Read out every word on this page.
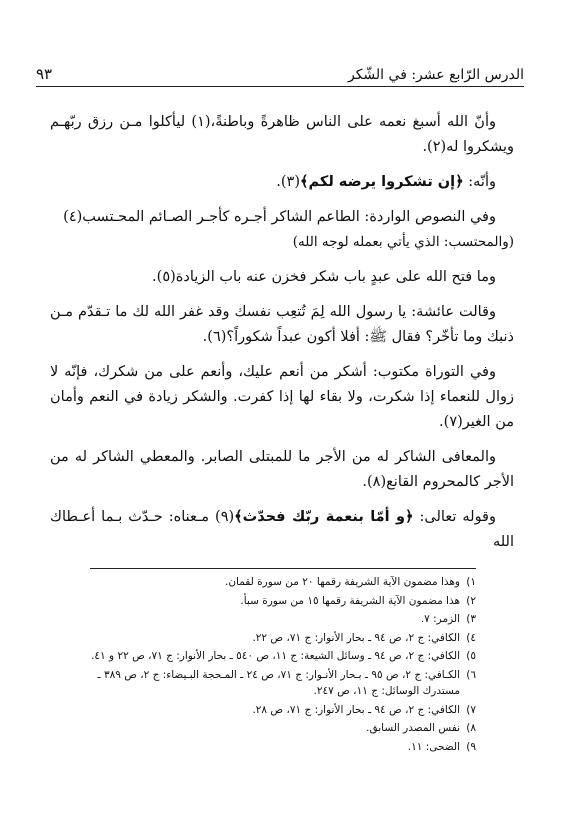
الدرس الرّابع عشر: في الشّكر
٩٣

وأنّ الله أسبغ نعمه على الناس ظاهرةً وباطنةً،(١) ليأكلوا مـن رزق ربّهـم ويشكروا له(٢).

وأنّه: ﴿إن تشكروا يرضه لكم﴾(٣).

وفي النصوص الواردة: الطاعم الشاكر أجـره كأجـر الصـائم المحـتسب(٤)

(والمحتسب: الذي يأتي بعمله لوجه الله)

وما فتح الله على عبدٍ باب شكر فخزن عنه باب الزيادة(٥).

وقالت عائشة: يا رسول الله لِمَ تُتعِب نفسك وقد غفر الله لك ما تـقدّم مـن ذنبك وما تأخّر؟ فقال ﷺ: أفلا أكون عبداً شكوراً؟(٦).

وفي التوراة مكتوب: أشكر من أنعم عليك، وأنعم على من شكرك، فإنّه لا زوال للنعماء إذا شكرت، ولا بقاء لها إذا كفرت. والشكر زيادة في النعم وأمان من الغير(٧).

والمعافى الشاكر له من الأجر ما للمبتلى الصابر. والمعطي الشاكر له من الأجر كالمحروم القانع(٨).

وقوله تعالى: ﴿و أمّا بنعمة ربّك فحدّث﴾(٩) مـعناه: حـدّث بـما أعـطاك الله

١)
وهذا مضمون الآية الشريفة رقمها ٢٠ من سورة لقمان.
٢)
هذا مضمون الآية الشريفة رقمها ١٥ من سورة سبأ.
٣)
الزمر: ٧.
٤)
الكافي: ج ٢، ص ٩٤ ـ بحار الأنوار: ج ٧١، ص ٢٢.
٥)
الكافي: ج ٢، ص ٩٤ ـ وسائل الشيعة: ج ١١، ص ٥٤٠ ـ بحار الأنوار: ج ٧١، ص ٢٢ و ٤١.
٦)
الكـافي: ج ٢، ص ٩٥ ـ بـحار الأنـوار: ج ٧١، ص ٢٤ ـ المـحجة البـيضاء: ج ٢، ص ٣٨٩ ـ مستدرك الوسائل: ج ١١، ص ٢٤٧.
٧)
الكافي: ج ٢، ص ٩٤ ـ بحار الأنوار: ج ٧١، ص ٢٨.
٨)
نفس المصدر السابق.
٩)
الضحى: ١١.
